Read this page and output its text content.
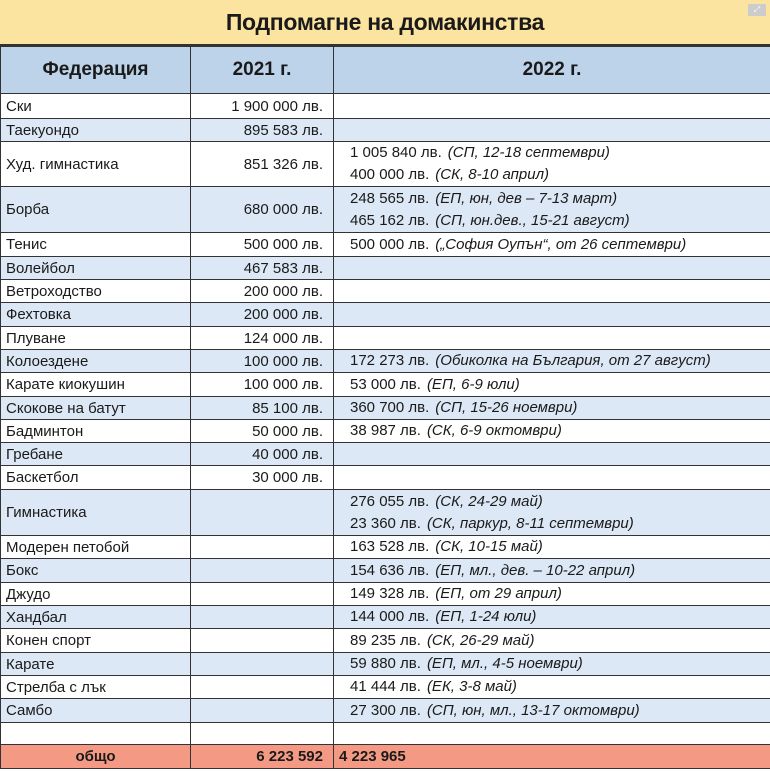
Подпомагне на домакинства	⤢
Федерация	2021 г.	2022 г.
Ски	1 900 000 лв.	
Таекуондо	895 583 лв.	
Худ. гимнастика	851 326 лв.	1 005 840 лв. (СП, 12-18 септември)
400 000 лв. (СК, 8-10 април)

Борба	680 000 лв.	248 565 лв. (ЕП, юн, дев – 7-13 март)
465 162 лв. (СП, юн.дев., 15-21 август)

Тенис	500 000 лв.	500 000 лв. („София Оупън“, от 26 септември)

Волейбол	467 583 лв.	
Ветроходство	200 000 лв.	
Фехтовка	200 000 лв.	
Плуване	124 000 лв.	
Колоездене	100 000 лв.	172 273 лв. (Обиколка на България, от 27 август)

Карате киокушин	100 000 лв.	53 000 лв. (ЕП, 6-9 юли)

Скокове на батут	85 100 лв.	360 700 лв. (СП, 15-26 ноември)

Бадминтон	50 000 лв.	38 987 лв. (СК, 6-9 октомври)

Гребане	40 000 лв.	
Баскетбол	30 000 лв.	
Гимнастика		276 055 лв. (СК, 24-29 май)
23 360 лв. (СК, паркур, 8-11 септември)

Модерен петобой		163 528 лв. (СК, 10-15 май)

Бокс		154 636 лв. (ЕП, мл., дев. – 10-22 април)

Джудо		149 328 лв. (ЕП, от 29 април)

Хандбал		144 000 лв. (ЕП, 1-24 юли)

Конен спорт		89 235 лв. (СК, 26-29 май)

Карате		59 880 лв. (ЕП, мл., 4-5 ноември)

Стрелба с лък		41 444 лв. (ЕК, 3-8 май)

Самбо		27 300 лв. (СП, юн, мл., 13-17 октомври)

общо	6 223 592	4 223 965
